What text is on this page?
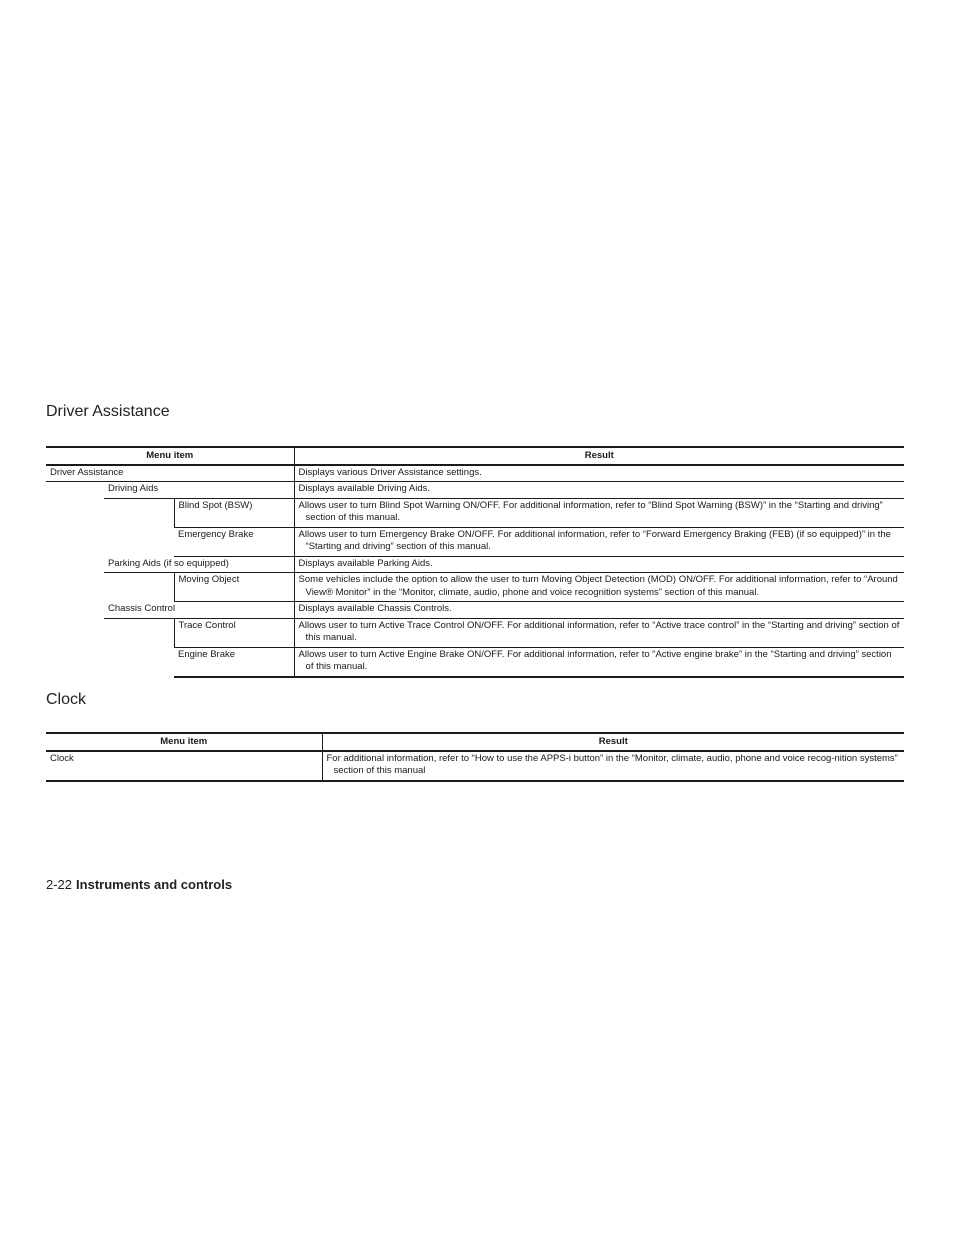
Driver Assistance
Menu item			Result
Driver Assistance			Displays various Driver Assistance settings.

	Driving Aids		Displays available Driving Aids.

		Blind Spot (BSW)	Allows user to turn Blind Spot Warning ON/OFF. For additional information, refer to “Blind Spot Warning (BSW)” in the “Starting and driving” section of this manual.

		Emergency Brake	Allows user to turn Emergency Brake ON/OFF. For additional information, refer to “Forward Emergency Braking (FEB) (if so equipped)” in the “Starting and driving” section of this manual.

	Parking Aids (if so equipped)		Displays available Parking Aids.

		Moving Object	Some vehicles include the option to allow the user to turn Moving Object Detection (MOD) ON/OFF. For additional information, refer to “Around View® Monitor” in the “Monitor, climate, audio, phone and voice recognition systems” section of this manual.

	Chassis Control		Displays available Chassis Controls.

		Trace Control	Allows user to turn Active Trace Control ON/OFF. For additional information, refer to “Active trace control” in the “Starting and driving” section of this manual.

		Engine Brake	Allows user to turn Active Engine Brake ON/OFF. For additional information, refer to “Active engine brake” in the “Starting and driving” section of this manual.
Clock
Menu item	Result
Clock	For additional information, refer to “How to use the APPS-i button” in the “Monitor, climate, audio, phone and voice recog-nition systems” section of this manual
2-22 Instruments and controls
